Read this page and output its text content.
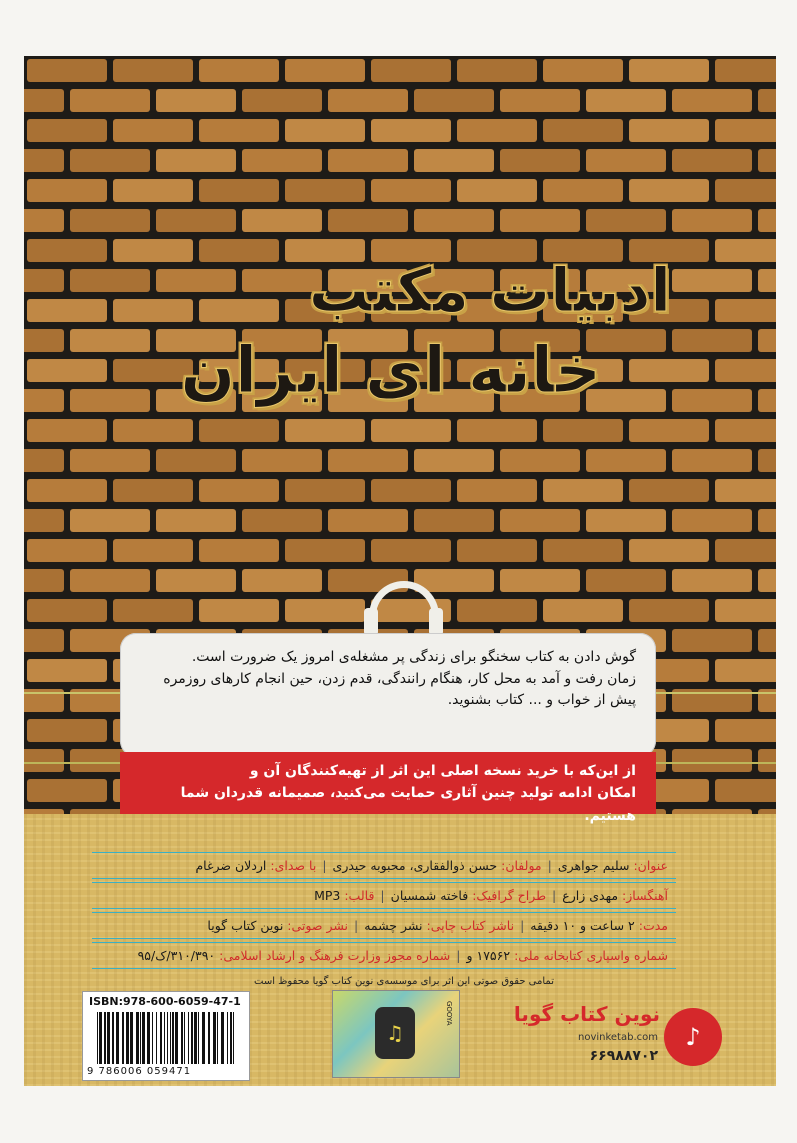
ادبیات مکتب
خانه ای ایران

گوش دادن به کتاب سخنگو برای زندگی پر مشغله‌ی امروز یک ضرورت است.

زمان رفت و آمد به محل کار، هنگام رانندگی، قدم زدن، حین انجام کارهای روزمره

پیش از خواب و ... کتاب بشنوید.

از این‌که با خرید نسخه اصلی این اثر از تهیه‌کنندگان آن و

امکان ادامه تولید چنین آثاری حمایت می‌کنید، صمیمانه قدردان شما هستیم.

عنوان:
سلیم جواهری
|
مولفان:
حسن ذوالفقاری، محبوبه حیدری
|
با صدای:
اردلان ضرغام
آهنگساز:
مهدی زارع
|
طراح گرافیک:
فاخته شمسیان
|
قالب:
MP3
مدت:
۲ ساعت و ۱۰ دقیقه
|
ناشر کتاب چاپی:
نشر چشمه
|
نشر صوتی:
نوین کتاب گویا
شماره واسپاری کتابخانه ملی:
۱۷۵۶۲ و
|
شماره مجوز وزارت فرهنگ و ارشاد اسلامی:
۳۱۰/۳۹۰/ک/۹۵
تمامی حقوق صوتی این اثر برای موسسه‌ی نوین کتاب گویا محفوظ است
ISBN:978-600-6059-47-1
9 786006 059471
♫
GOOYA
♪
نوین کتاب گویا
novinketab.com
۶۶۹۸۸۷۰۲
